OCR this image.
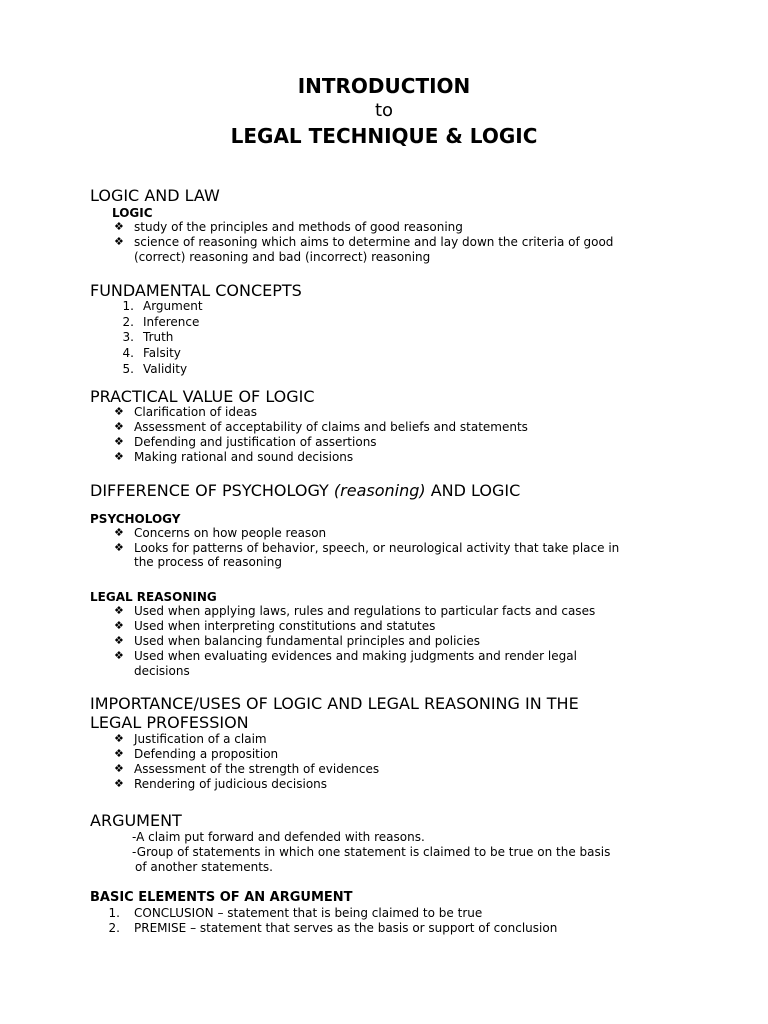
INTRODUCTION
to
LEGAL TECHNIQUE & LOGIC
LOGIC AND LAW
LOGIC
❖ study of the principles and methods of good reasoning
❖ science of reasoning which aims to determine and lay down the criteria of good
(correct) reasoning and bad (incorrect) reasoning
FUNDAMENTAL CONCEPTS
1. Argument
2. Inference
3. Truth
4. Falsity
5. Validity
PRACTICAL VALUE OF LOGIC
❖ Clarification of ideas
❖ Assessment of acceptability of claims and beliefs and statements
❖ Defending and justification of assertions
❖ Making rational and sound decisions
DIFFERENCE OF PSYCHOLOGY (reasoning) AND LOGIC
PSYCHOLOGY
❖ Concerns on how people reason
❖ Looks for patterns of behavior, speech, or neurological activity that take place in
the process of reasoning
LEGAL REASONING
❖ Used when applying laws, rules and regulations to particular facts and cases
❖ Used when interpreting constitutions and statutes
❖ Used when balancing fundamental principles and policies
❖ Used when evaluating evidences and making judgments and render legal
decisions
IMPORTANCE/USES OF LOGIC AND LEGAL REASONING IN THE
LEGAL PROFESSION
❖ Justification of a claim
❖ Defending a proposition
❖ Assessment of the strength of evidences
❖ Rendering of judicious decisions
ARGUMENT
-A claim put forward and defended with reasons.
-Group of statements in which one statement is claimed to be true on the basis
of another statements.
BASIC ELEMENTS OF AN ARGUMENT
1. CONCLUSION – statement that is being claimed to be true
2. PREMISE – statement that serves as the basis or support of conclusion
